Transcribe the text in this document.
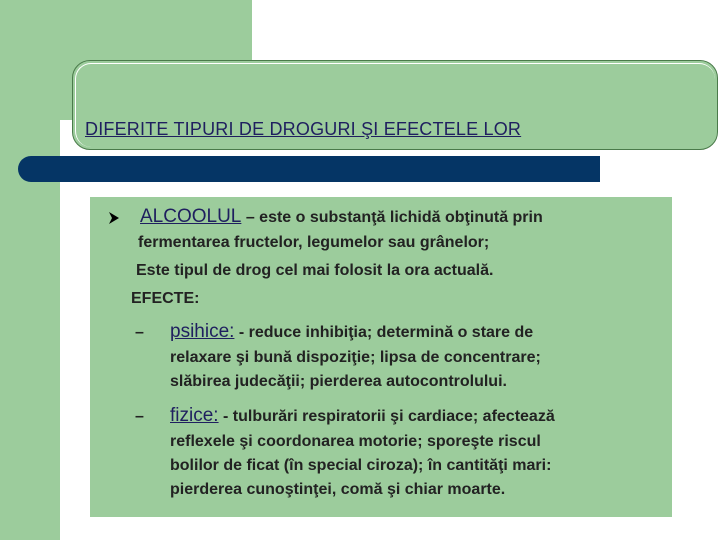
DIFERITE TIPURI DE DROGURI ŞI EFECTELE LOR
ALCOOLUL – este o substanţă lichidă obţinută prin
fermentarea fructelor, legumelor sau grânelor;
Este tipul de drog cel mai folosit la ora actuală.
EFECTE:
– psihice: - reduce inhibiţia; determină o stare de
relaxare şi bună dispoziţie; lipsa de concentrare;
slăbirea judecăţii; pierderea autocontrolului.
– fizice: - tulburări respiratorii şi cardiace; afectează
reflexele şi coordonarea motorie; sporeşte riscul
bolilor de ficat (în special ciroza); în cantităţi mari:
pierderea cunoştinţei, comă şi chiar moarte.
